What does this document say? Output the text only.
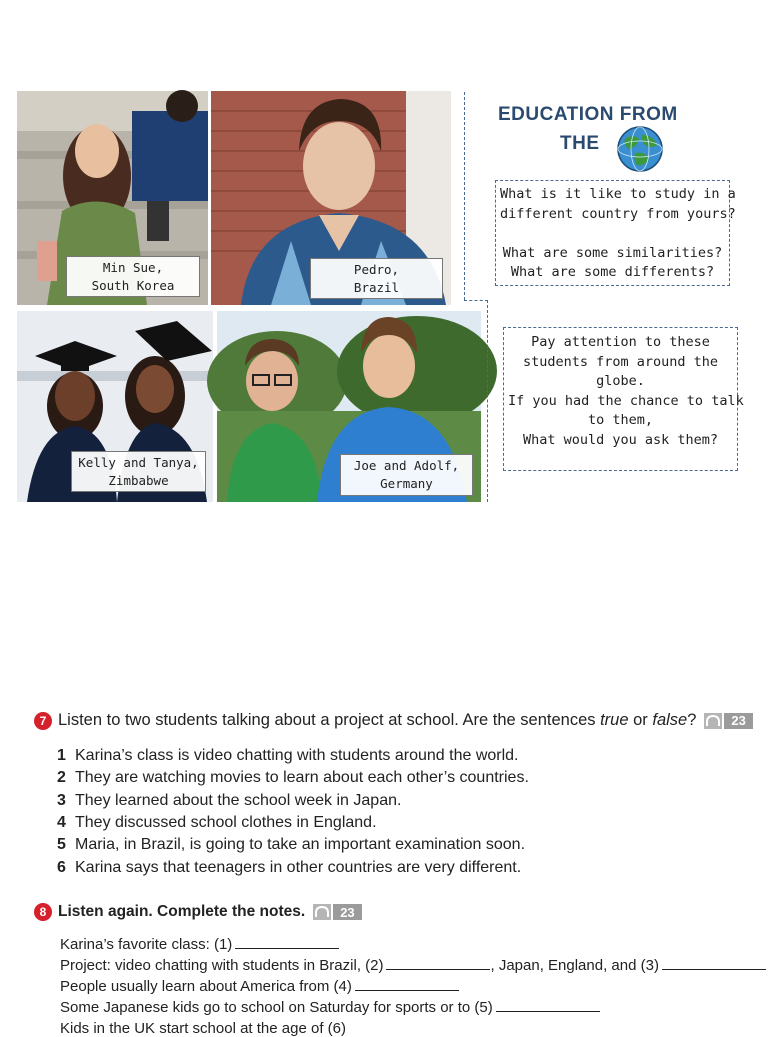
Min Sue,
South Korea
Pedro,
Brazil
Kelly and Tanya,
Zimbabwe
Joe and Adolf,
Germany
EDUCATION FROM
THE
What is it like to study in a
different country from yours?
What are some similarities?
What are some differents?
Pay attention to these
students from around the
globe.
If you had the chance to talk
to them,
What would you ask them?
7 Listen to two students talking about a project at school. Are the sentences true or false ?	23
1 Karina’s class is video chatting with students around the world.
2 They are watching movies to learn about each other’s countries.
3 They learned about the school week in Japan.
4 They discussed school clothes in England.
5 Maria, in Brazil, is going to take an important examination soon.
6 Karina says that teenagers in other countries are very different.
8 Listen again. Complete the notes.	23
Karina’s favorite class: (1)
Project: video chatting with students in Brazil, (2)	, Japan, England, and (3)
People usually learn about America from (4)
Some Japanese kids go to school on Saturday for sports or to (5)
Kids in the UK start school at the age of (6)
